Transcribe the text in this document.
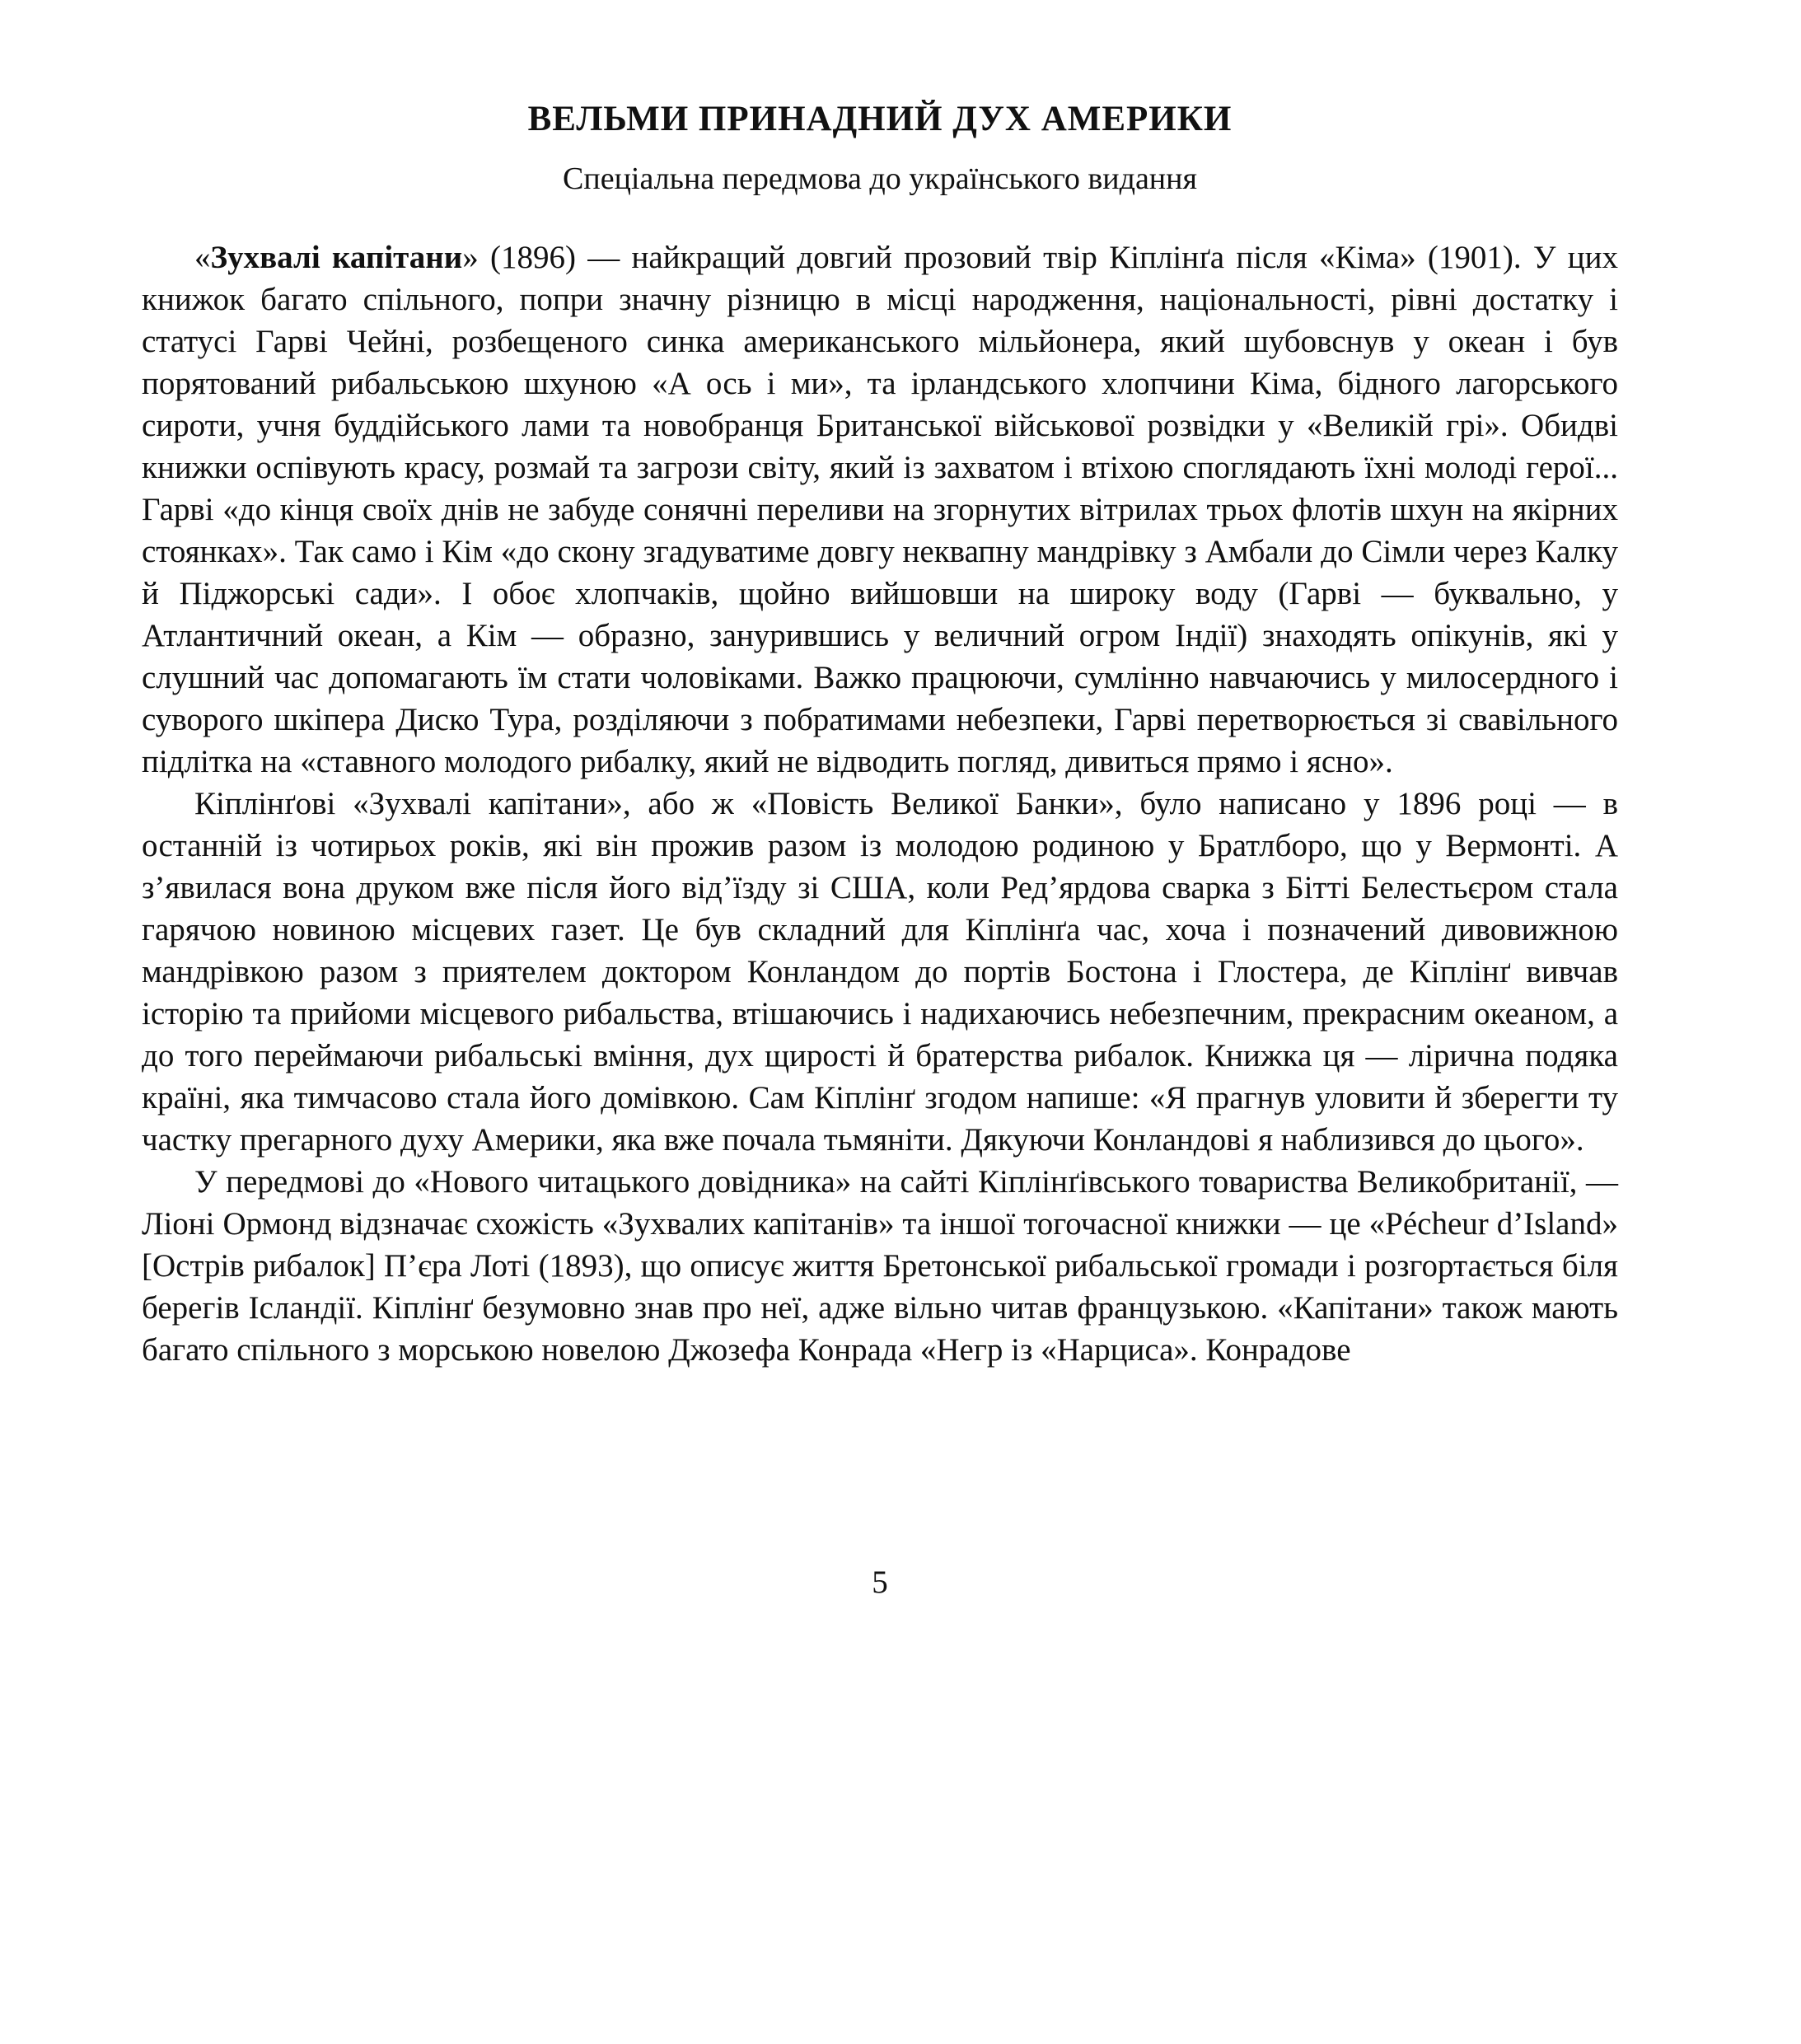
ВЕЛЬМИ ПРИНАДНИЙ ДУХ АМЕРИКИ
Спеціальна передмова до українського видання

«Зухвалі капітани» (1896) — найкращий довгий прозовий твір Кіплінґа після «Кіма» (1901). У цих книжок багато спільного, попри значну різницю в місці народження, національності, рівні достатку і статусі Гарві Чейні, розбещеного синка американського мільйонера, який шубовснув у океан і був порятований рибальською шхуною «А ось і ми», та ірландського хлопчини Кіма, бідного лагорського сироти, учня буддійського лами та новобранця Британської військової розвідки у «Великій грі». Обидві книжки оспівують красу, розмай та загрози світу, який із захватом і втіхою споглядають їхні молоді герої... Гарві «до кінця своїх днів не забуде сонячні переливи на згорнутих вітрилах трьох флотів шхун на якірних стоянках». Так само і Кім «до скону згадуватиме довгу неквапну мандрівку з Амбали до Сімли через Калку й Піджорські сади». І обоє хлопчаків, щойно вийшовши на широку воду (Гарві — буквально, у Атлантичний океан, а Кім — образно, занурившись у величний огром Індії) знаходять опікунів, які у слушний час допомагають їм стати чоловіками. Важко працюючи, сумлінно навчаючись у милосердного і суворого шкіпера Диско Тура, розділяючи з побратимами небезпеки, Гарві перетворюється зі свавільного підлітка на «ставного молодого рибалку, який не відводить погляд, дивиться прямо і ясно».

Кіплінґові «Зухвалі капітани», або ж «Повість Великої Банки», було написано у 1896 році — в останній із чотирьох років, які він прожив разом із молодою родиною у Братлборо, що у Вермонті. А з’явилася вона друком вже після його від’їзду зі США, коли Ред’ярдова сварка з Бітті Белестьєром стала гарячою новиною місцевих газет. Це був складний для Кіплінґа час, хоча і позначений дивовижною мандрівкою разом з приятелем доктором Конландом до портів Бостона і Глостера, де Кіплінґ вивчав історію та прийоми місцевого рибальства, втішаючись і надихаючись небезпечним, прекрасним океаном, а до того переймаючи рибальські вміння, дух щирості й братерства рибалок. Книжка ця — лірична подяка країні, яка тимчасово стала його домівкою. Сам Кіплінґ згодом напише: «Я прагнув уловити й зберегти ту частку прегарного духу Америки, яка вже почала тьмяніти. Дякуючи Конландові я наблизився до цього».

У передмові до «Нового читацького довідника» на сайті Кіплінґівського товариства Великобританії, — Ліоні Ормонд відзначає схожість «Зухвалих капітанів» та іншої тогочасної книжки — це «Pécheur d’Island» [Острів рибалок] П’єра Лоті (1893), що описує життя Бретонської рибальської громади і розгортається біля берегів Ісландії. Кіплінґ безумовно знав про неї, адже вільно читав французькою. «Капітани» також мають багато спільного з морською новелою Джозефа Конрада «Негр із «Нарциса». Конрадове

5
